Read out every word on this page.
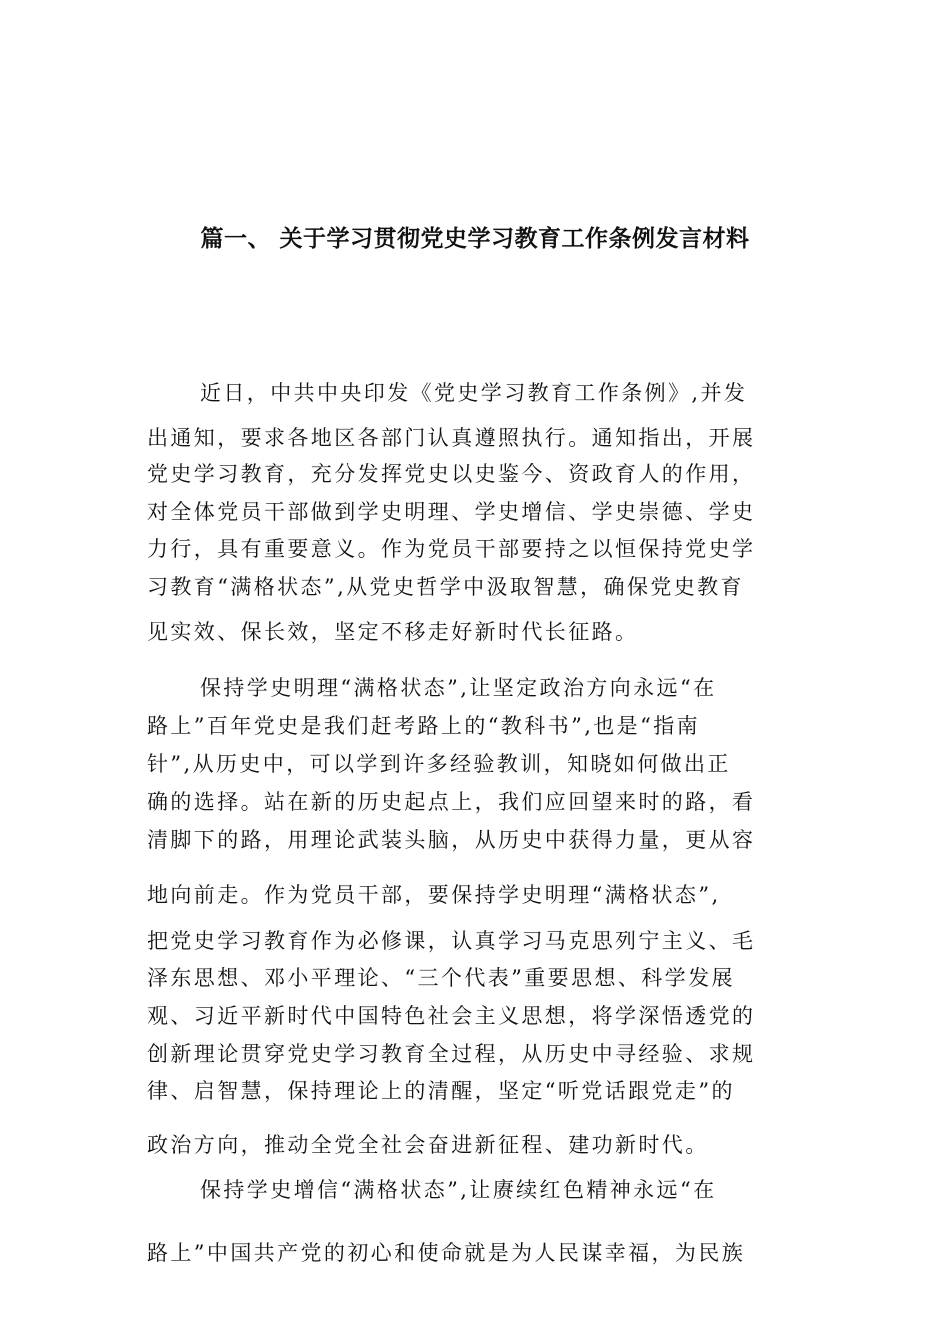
篇一、 关于学习贯彻党史学习教育工作条例发言材料
近日，中共中央印发《党史学习教育工作条例》,并发
出通知，要求各地区各部门认真遵照执行。通知指出，开展
党史学习教育，充分发挥党史以史鉴今、资政育人的作用，
对全体党员干部做到学史明理、学史增信、学史崇德、学史
力行，具有重要意义。作为党员干部要持之以恒保持党史学
习教育“满格状态”,从党史哲学中汲取智慧，确保党史教育
见实效、保长效，坚定不移走好新时代长征路。
保持学史明理“满格状态”,让坚定政治方向永远“在
路上”百年党史是我们赶考路上的“教科书”,也是“指南
针”,从历史中，可以学到许多经验教训，知晓如何做出正
确的选择。站在新的历史起点上，我们应回望来时的路，看
清脚下的路，用理论武装头脑，从历史中获得力量，更从容
地向前走。作为党员干部，要保持学史明理“满格状态”,
把党史学习教育作为必修课，认真学习马克思列宁主义、毛
泽东思想、邓小平理论、“三个代表”重要思想、科学发展
观、习近平新时代中国特色社会主义思想，将学深悟透党的
创新理论贯穿党史学习教育全过程，从历史中寻经验、求规
律、启智慧，保持理论上的清醒，坚定“听党话跟党走”的
政治方向，推动全党全社会奋进新征程、建功新时代。
保持学史增信“满格状态”,让赓续红色精神永远“在
路上”中国共产党的初心和使命就是为人民谋幸福，为民族
